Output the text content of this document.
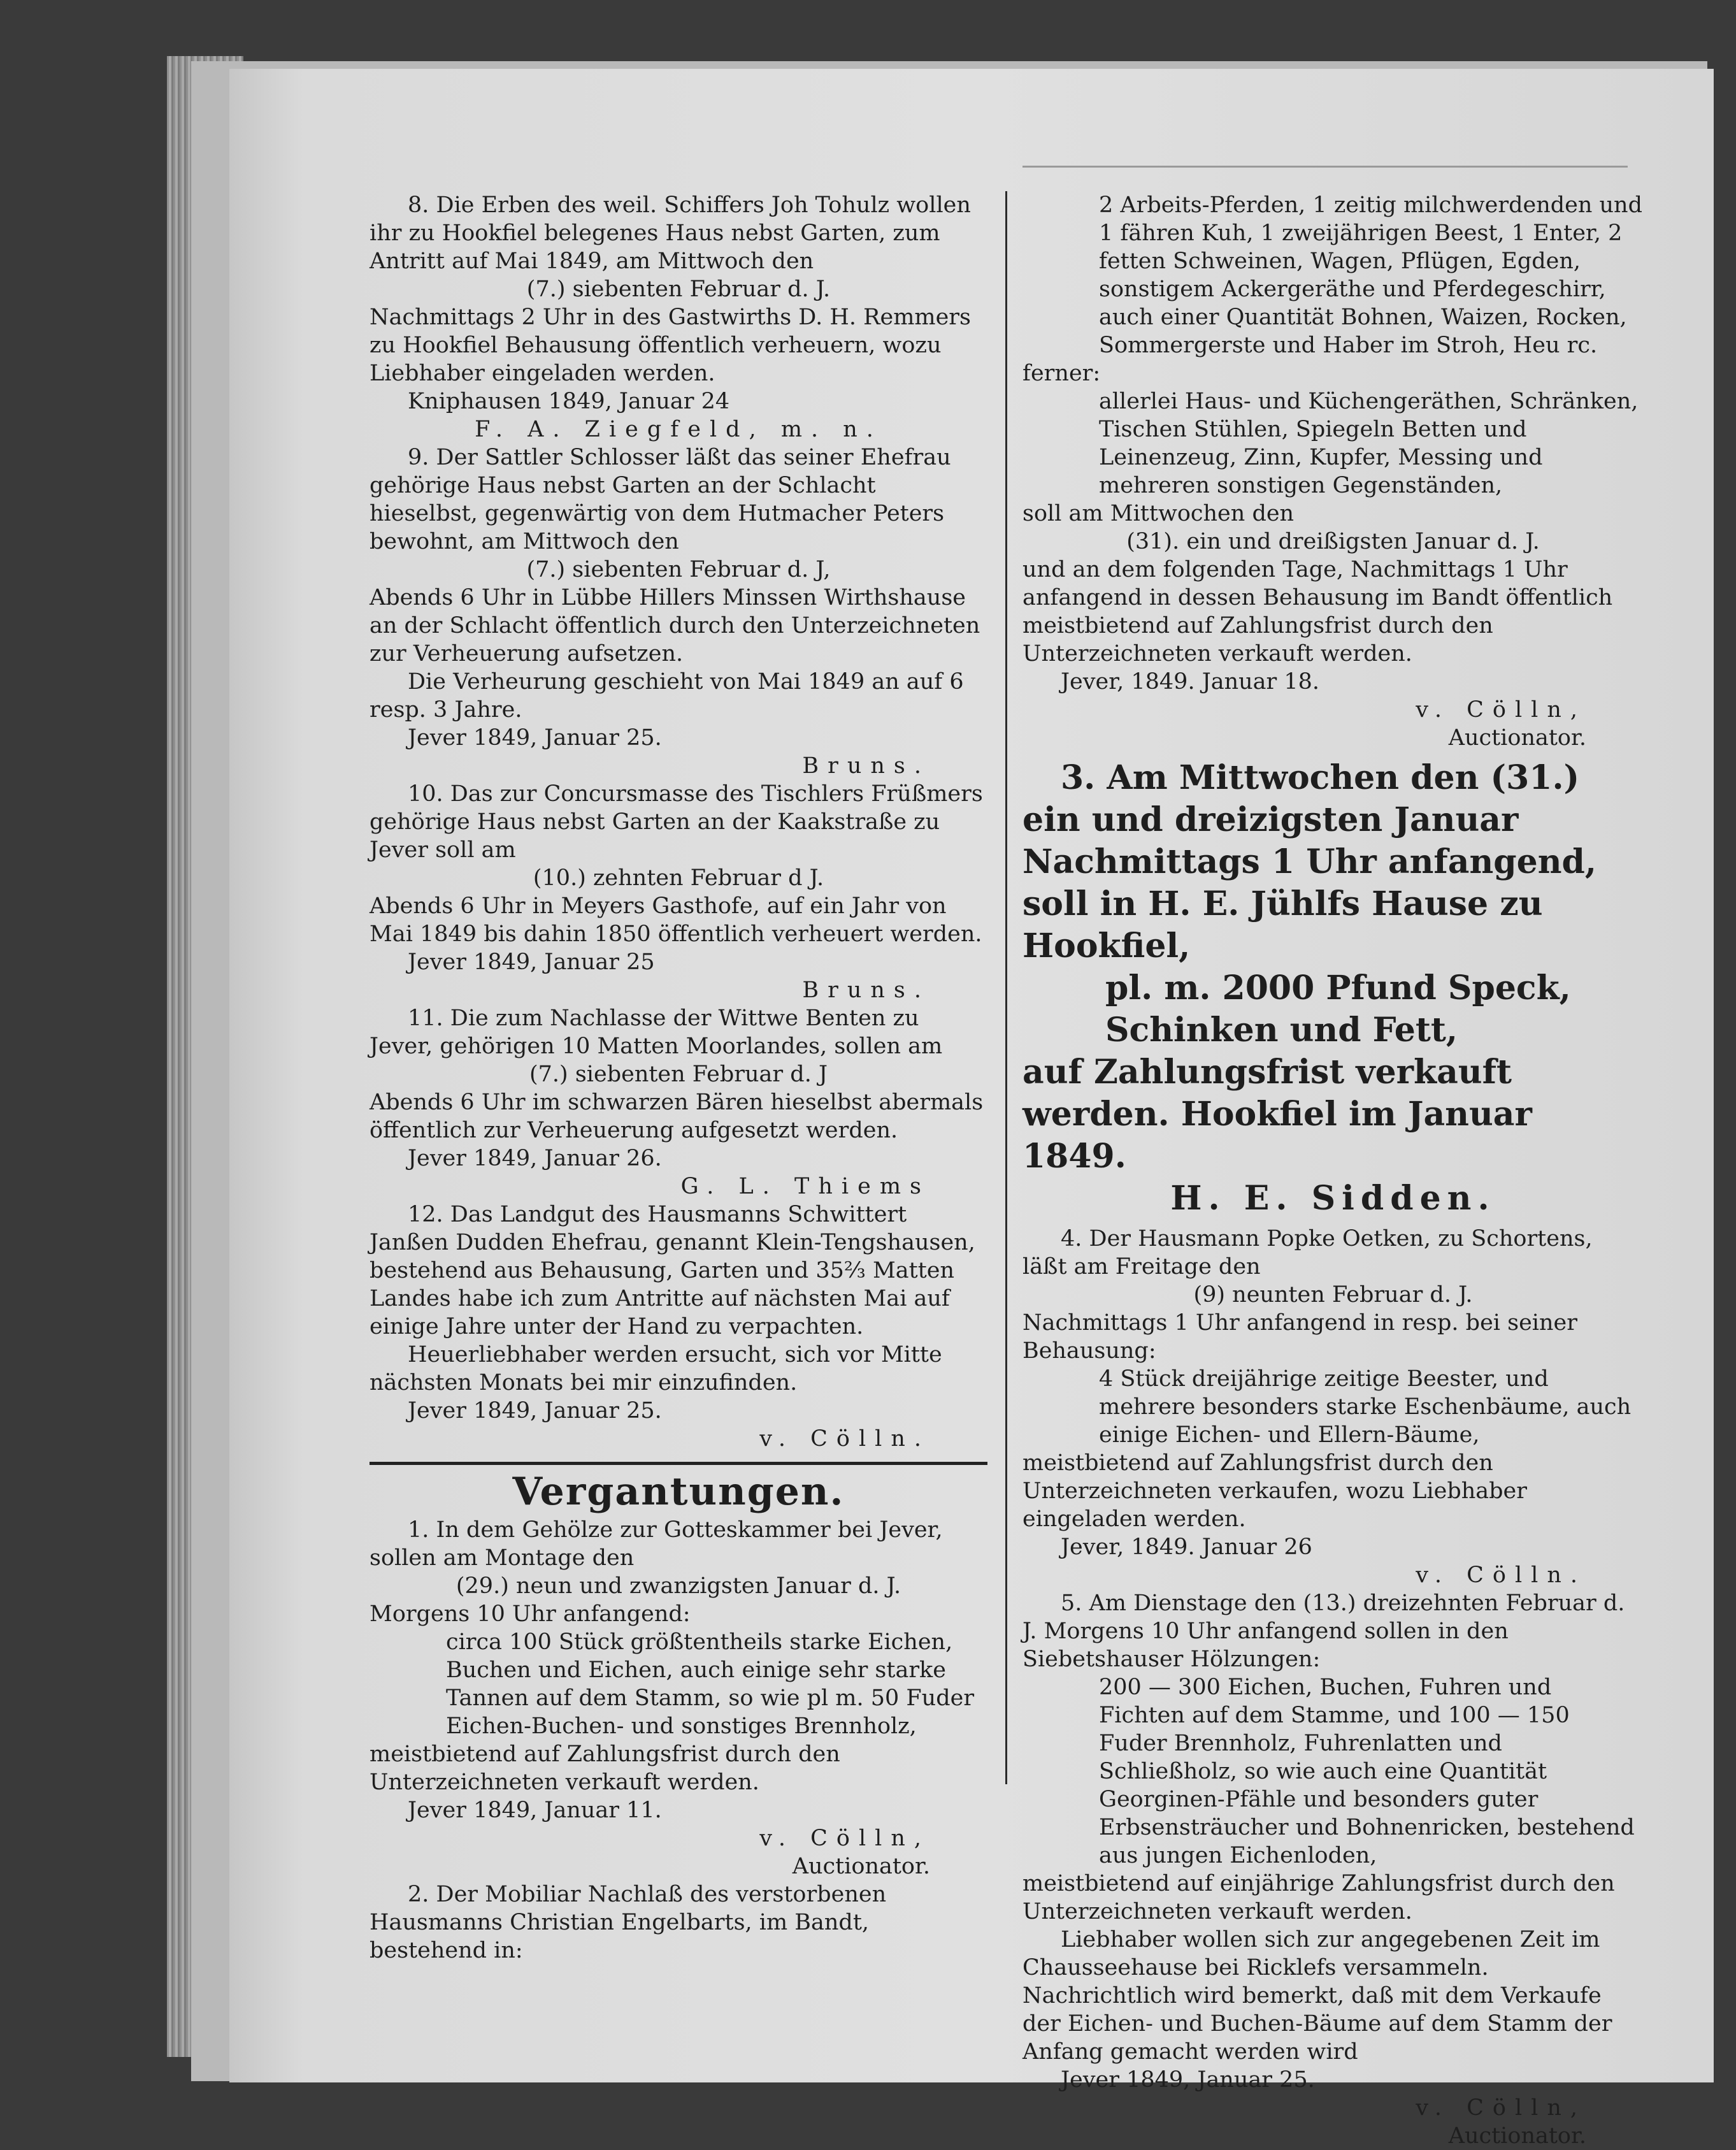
8. Die Erben des weil. Schiffers Joh Tohulz wollen ihr zu Hookfiel belegenes Haus nebst Garten, zum Antritt auf Mai 1849, am Mittwoch den

(7.) siebenten Februar d. J.

Nachmittags 2 Uhr in des Gastwirths D. H. Remmers zu Hookfiel Behausung öffentlich verheuern, wozu Liebhaber eingeladen werden.

Kniphausen 1849, Januar 24

F. A. Ziegfeld, m. n.

9. Der Sattler Schlosser läßt das seiner Ehefrau gehörige Haus nebst Garten an der Schlacht hieselbst, gegenwärtig von dem Hutmacher Peters bewohnt, am Mittwoch den

(7.) siebenten Februar d. J,

Abends 6 Uhr in Lübbe Hillers Minssen Wirthshause an der Schlacht öffentlich durch den Unterzeichneten zur Verheuerung aufsetzen.

Die Verheurung geschieht von Mai 1849 an auf 6 resp. 3 Jahre.

Jever 1849, Januar 25.

Bruns.

10. Das zur Concursmasse des Tischlers Früßmers gehörige Haus nebst Garten an der Kaakstraße zu Jever soll am

(10.) zehnten Februar d J.

Abends 6 Uhr in Meyers Gasthofe, auf ein Jahr von Mai 1849 bis dahin 1850 öffentlich verheuert werden.

Jever 1849, Januar 25

Bruns.

11. Die zum Nachlasse der Wittwe Benten zu Jever, gehörigen 10 Matten Moorlandes, sollen am

(7.) siebenten Februar d. J

Abends 6 Uhr im schwarzen Bären hieselbst abermals öffentlich zur Verheuerung aufgesetzt werden.

Jever 1849, Januar 26.

G. L. Thiems

12. Das Landgut des Hausmanns Schwittert Janßen Dudden Ehefrau, genannt Klein-Tengshausen, bestehend aus Behausung, Garten und 35⅔ Matten Landes habe ich zum Antritte auf nächsten Mai auf einige Jahre unter der Hand zu verpachten.

Heuerliebhaber werden ersucht, sich vor Mitte nächsten Monats bei mir einzufinden.

Jever 1849, Januar 25.

v. Cölln.

Vergantungen.

1. In dem Gehölze zur Gotteskammer bei Jever, sollen am Montage den

(29.) neun und zwanzigsten Januar d. J.

Morgens 10 Uhr anfangend:

circa 100 Stück größtentheils starke Eichen, Buchen und Eichen, auch einige sehr starke Tannen auf dem Stamm, so wie pl m. 50 Fuder Eichen-Buchen- und sonstiges Brennholz,

meistbietend auf Zahlungsfrist durch den Unterzeichneten verkauft werden.

Jever 1849, Januar 11.

v. Cölln,

Auctionator.

2. Der Mobiliar Nachlaß des verstorbenen Hausmanns Christian Engelbarts, im Bandt, bestehend in:

2 Arbeits-Pferden, 1 zeitig milchwerdenden und 1 fähren Kuh, 1 zweijährigen Beest, 1 Enter, 2 fetten Schweinen, Wagen, Pflügen, Egden, sonstigem Ackergeräthe und Pferdegeschirr, auch einer Quantität Bohnen, Waizen, Rocken, Sommergerste und Haber im Stroh, Heu rc.

ferner:

allerlei Haus- und Küchengeräthen, Schränken, Tischen Stühlen, Spiegeln Betten und Leinenzeug, Zinn, Kupfer, Messing und mehreren sonstigen Gegenständen,

soll am Mittwochen den

(31). ein und dreißigsten Januar d. J.

und an dem folgenden Tage, Nachmittags 1 Uhr anfangend in dessen Behausung im Bandt öffentlich meistbietend auf Zahlungsfrist durch den Unterzeichneten verkauft werden.

Jever, 1849. Januar 18.

v. Cölln,

Auctionator.

3. Am Mittwochen den (31.) ein und dreizigsten Januar Nachmittags 1 Uhr anfangend, soll in H. E. Jühlfs Hause zu Hookfiel,

pl. m. 2000 Pfund Speck, Schinken und Fett,

auf Zahlungsfrist verkauft werden. Hookfiel im Januar 1849.

H. E. Sidden.

4. Der Hausmann Popke Oetken, zu Schortens, läßt am Freitage den

(9) neunten Februar d. J.

Nachmittags 1 Uhr anfangend in resp. bei seiner Behausung:

4 Stück dreijährige zeitige Beester, und mehrere besonders starke Eschenbäume, auch einige Eichen- und Ellern-Bäume,

meistbietend auf Zahlungsfrist durch den Unterzeichneten verkaufen, wozu Liebhaber eingeladen werden.

Jever, 1849. Januar 26

v. Cölln.

5. Am Dienstage den (13.) dreizehnten Februar d. J. Morgens 10 Uhr anfangend sollen in den Siebetshauser Hölzungen:

200 — 300 Eichen, Buchen, Fuhren und Fichten auf dem Stamme, und 100 — 150 Fuder Brennholz, Fuhrenlatten und Schließholz, so wie auch eine Quantität Georginen-Pfähle und besonders guter Erbsensträucher und Bohnenricken, bestehend aus jungen Eichenloden,

meistbietend auf einjährige Zahlungsfrist durch den Unterzeichneten verkauft werden.

Liebhaber wollen sich zur angegebenen Zeit im Chausseehause bei Ricklefs versammeln. Nachrichtlich wird bemerkt, daß mit dem Verkaufe der Eichen- und Buchen-Bäume auf dem Stamm der Anfang gemacht werden wird

Jever 1849, Januar 25.

v. Cölln,

Auctionator.
